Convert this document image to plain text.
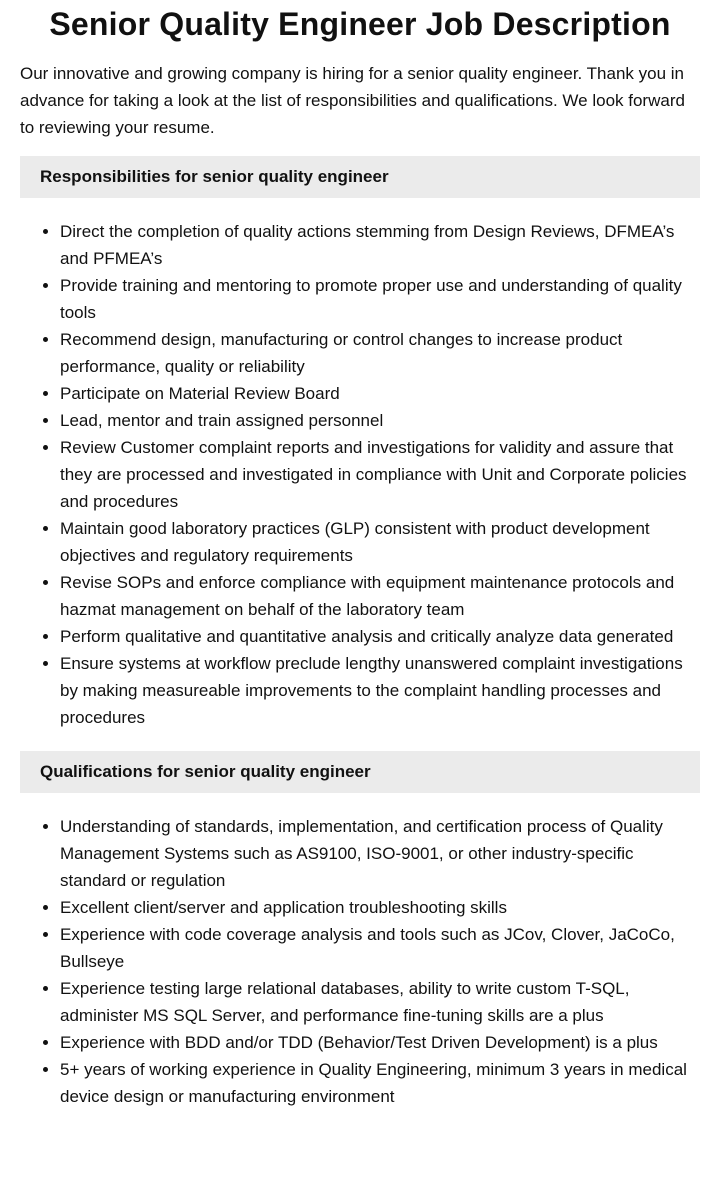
Senior Quality Engineer Job Description

Our innovative and growing company is hiring for a senior quality engineer. Thank you in advance for taking a look at the list of responsibilities and qualifications. We look forward to reviewing your resume.

Responsibilities for senior quality engineer
• Direct the completion of quality actions stemming from Design Reviews, DFMEA’s and PFMEA’s
• Provide training and mentoring to promote proper use and understanding of quality tools
• Recommend design, manufacturing or control changes to increase product performance, quality or reliability
• Participate on Material Review Board
• Lead, mentor and train assigned personnel
• Review Customer complaint reports and investigations for validity and assure that they are processed and investigated in compliance with Unit and Corporate policies and procedures
• Maintain good laboratory practices (GLP) consistent with product development objectives and regulatory requirements
• Revise SOPs and enforce compliance with equipment maintenance protocols and hazmat management on behalf of the laboratory team
• Perform qualitative and quantitative analysis and critically analyze data generated
• Ensure systems at workflow preclude lengthy unanswered complaint investigations by making measureable improvements to the complaint handling processes and procedures
Qualifications for senior quality engineer
• Understanding of standards, implementation, and certification process of Quality Management Systems such as AS9100, ISO-9001, or other industry-specific standard or regulation
• Excellent client/server and application troubleshooting skills
• Experience with code coverage analysis and tools such as JCov, Clover, JaCoCo, Bullseye
• Experience testing large relational databases, ability to write custom T-SQL, administer MS SQL Server, and performance fine-tuning skills are a plus
• Experience with BDD and/or TDD (Behavior/Test Driven Development) is a plus
• 5+ years of working experience in Quality Engineering, minimum 3 years in medical device design or manufacturing environment
